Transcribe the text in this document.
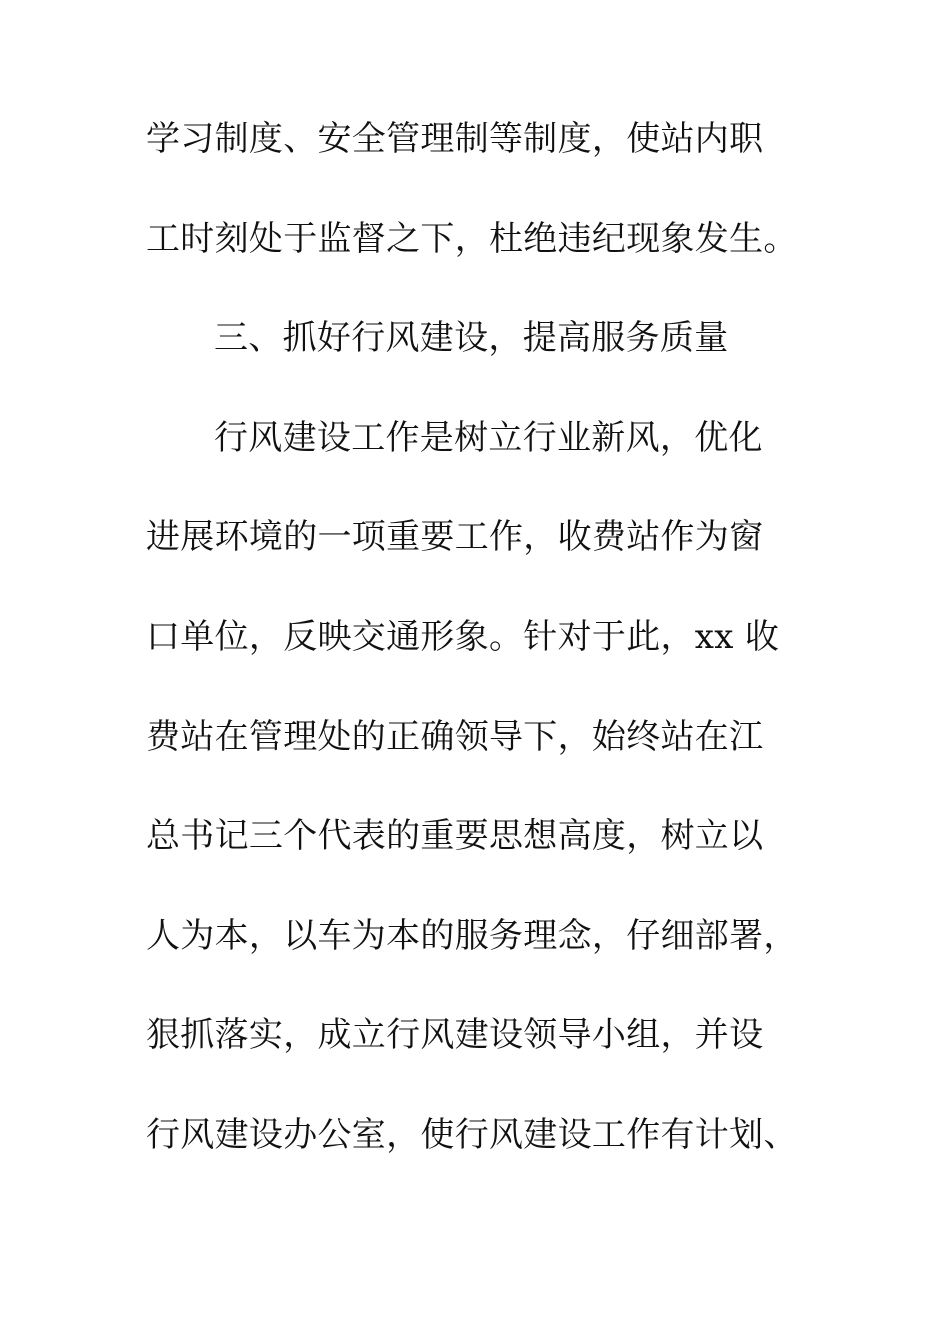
学习制度、安全管理制等制度，使站内职
工时刻处于监督之下，杜绝违纪现象发生。
三、抓好行风建设，提高服务质量
行风建设工作是树立行业新风，优化
进展环境的一项重要工作，收费站作为窗
口单位，反映交通形象。针对于此，xx 收
费站在管理处的正确领导下，始终站在江
总书记三个代表的重要思想高度，树立以
人为本，以车为本的服务理念，仔细部署，
狠抓落实，成立行风建设领导小组，并设
行风建设办公室，使行风建设工作有计划、
